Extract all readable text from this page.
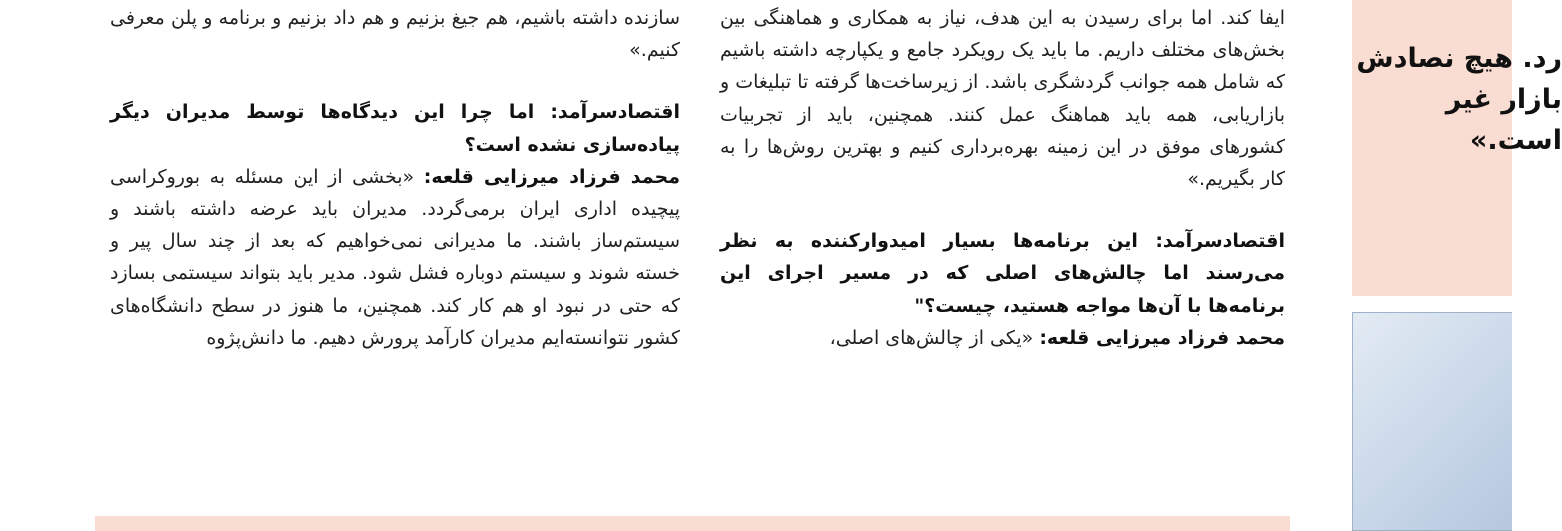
ایفا کند. اما برای رسیدن به این هدف، نیاز به همکاری و هماهنگی بین بخش‌های مختلف داریم. ما باید یک رویکرد جامع و یکپارچه داشته باشیم که شامل همه جوانب گردشگری باشد. از زیرساخت‌ها گرفته تا تبلیغات و بازاریابی، همه باید هماهنگ عمل کنند. همچنین، باید از تجربیات کشورهای موفق در این زمینه بهره‌برداری کنیم و بهترین روش‌ها را به کار بگیریم.»

اقتصادسرآمد: این برنامه‌ها بسیار امیدوارکننده به نظر می‌رسند اما چالش‌های اصلی که در مسیر اجرای این برنامه‌ها با آن‌ها مواجه هستید، چیست؟"

محمد فرزاد میرزایی قلعه: «یکی از چالش‌های اصلی،

سازنده داشته باشیم، هم جیغ بزنیم و هم داد بزنیم و برنامه و پلن معرفی کنیم.»

اقتصادسرآمد: اما چرا این دیدگاه‌ها توسط مدیران دیگر پیاده‌سازی نشده است؟

محمد فرزاد میرزایی قلعه: «بخشی از این مسئله به بوروکراسی پیچیده اداری ایران برمی‌گردد. مدیران باید عرضه داشته باشند و سیستم‌ساز باشند. ما مدیرانی نمی‌خواهیم که بعد از چند سال پیر و خسته شوند و سیستم دوباره فشل شود. مدیر باید بتواند سیستمی بسازد که حتی در نبود او هم کار کند. همچنین، ما هنوز در سطح دانشگاه‌های کشور نتوانسته‌ایم مدیران کارآمد پرورش دهیم. ما دانش‌پژوه

رد. هیچ نصادش بازار غیر است.»
